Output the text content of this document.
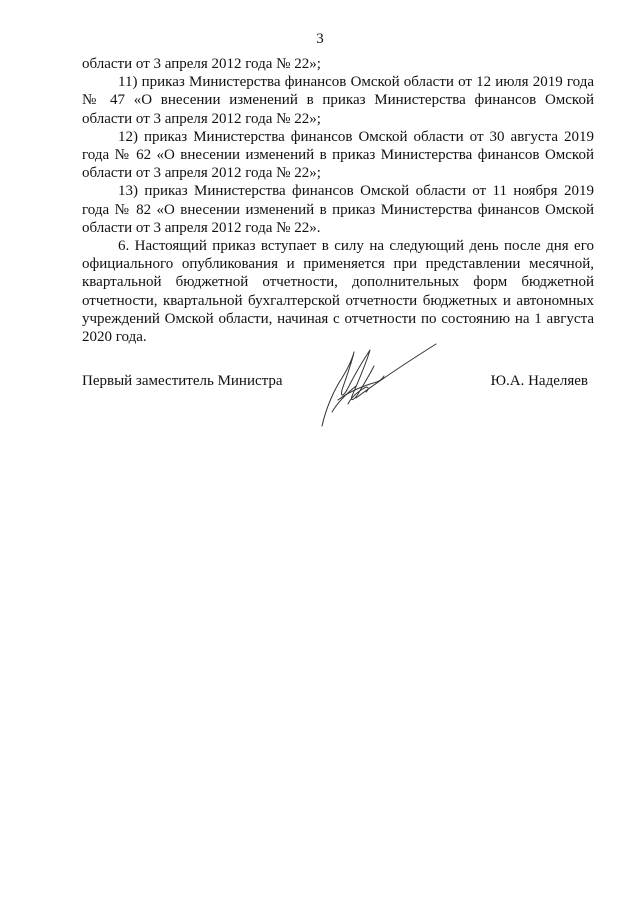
3

области от 3 апреля 2012 года № 22»;

11) приказ Министерства финансов Омской области от 12 июля 2019 года № 47 «О внесении изменений в приказ Министерства финансов Омской области от 3 апреля 2012 года № 22»;

12) приказ Министерства финансов Омской области от 30 августа 2019 года № 62 «О внесении изменений в приказ Министерства финансов Омской области от 3 апреля 2012 года № 22»;

13) приказ Министерства финансов Омской области от 11 ноября 2019 года № 82 «О внесении изменений в приказ Министерства финансов Омской области от 3 апреля 2012 года № 22».

6. Настоящий приказ вступает в силу на следующий день после дня его официального опубликования и применяется при представлении месячной, квартальной бюджетной отчетности, дополнительных форм бюджетной отчетности, квартальной бухгалтерской отчетности бюджетных и автономных учреждений Омской области, начиная с отчетности по состоянию на 1 августа 2020 года.

Первый заместитель Министра	Ю.А. Наделяев
